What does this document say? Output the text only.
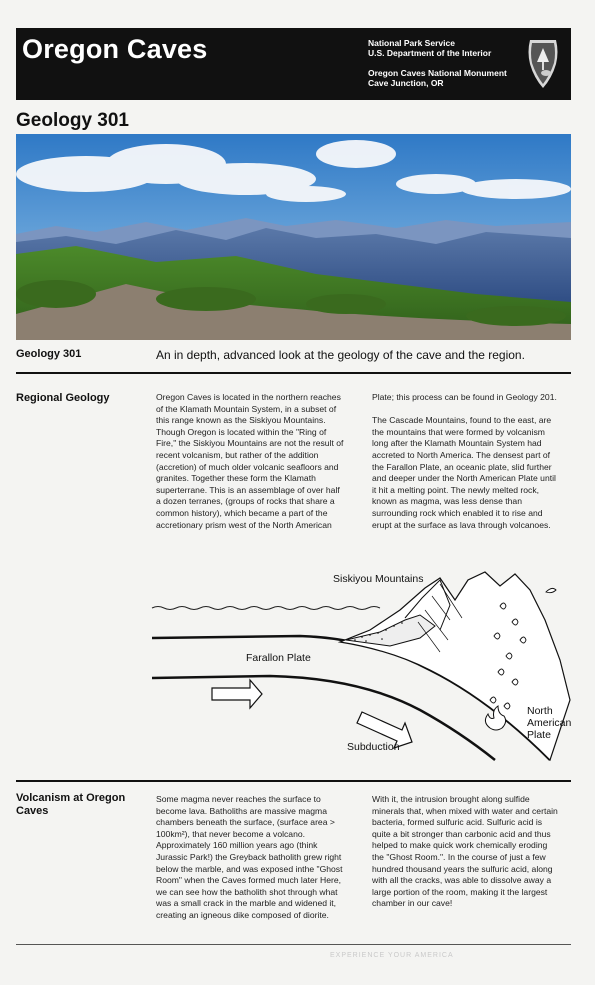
Oregon Caves	National Park Service
U.S. Department of the Interior
Oregon Caves National Monument
Cave Junction, OR
Geology 301
Geology 301	An in depth, advanced look at the geology of the cave and the region.
Regional Geology	Oregon Caves is located in the northern reaches
of the Klamath Mountain System, in a subset of
this range known as the Siskiyou Mountains.
Though Oregon is located within the "Ring of
Fire," the Siskiyou Mountains are not the result of
recent volcanism, but rather of the addition
(accretion) of much older volcanic seafloors and
granites. Together these form the Klamath
superterrane. This is an assemblage of over half
a dozen terranes, (groups of rocks that share a
common history), which became a part of the
accretionary prism west of the North American
Plate; this process can be found in Geology 201.

The Cascade Mountains, found to the east, are
the mountains that were formed by volcanism
long after the Klamath Mountain System had
accreted to North America. The densest part of
the Farallon Plate, an oceanic plate, slid further
and deeper under the North American Plate until
it hit a melting point. The newly melted rock,
known as magma, was less dense than
surrounding rock which enabled it to rise and
erupt at the surface as lava through volcanoes.
Siskiyou Mountains
Farallon Plate
Subduction
North
American
Plate
Volcanism at Oregon Caves
Some magma never reaches the surface to
become lava. Batholiths are massive magma
chambers beneath the surface, (surface area >
100km²), that never become a volcano.
Approximately 160 million years ago (think
Jurassic Park!) the Greyback batholith grew right
below the marble, and was exposed inthe "Ghost
Room" when the Caves formed much later Here,
we can see how the batholith shot through what
was a small crack in the marble and widened it,
creating an igneous dike composed of diorite.
With it, the intrusion brought along sulfide
minerals that, when mixed with water and certain
bacteria, formed sulfuric acid. Sulfuric acid is
quite a bit stronger than carbonic acid and thus
helped to make quick work chemically eroding
the "Ghost Room.". In the course of just a few
hundred thousand years the sulfuric acid, along
with all the cracks, was able to dissolve away a
large portion of the room, making it the largest
chamber in our cave!
EXPERIENCE YOUR AMERICA
